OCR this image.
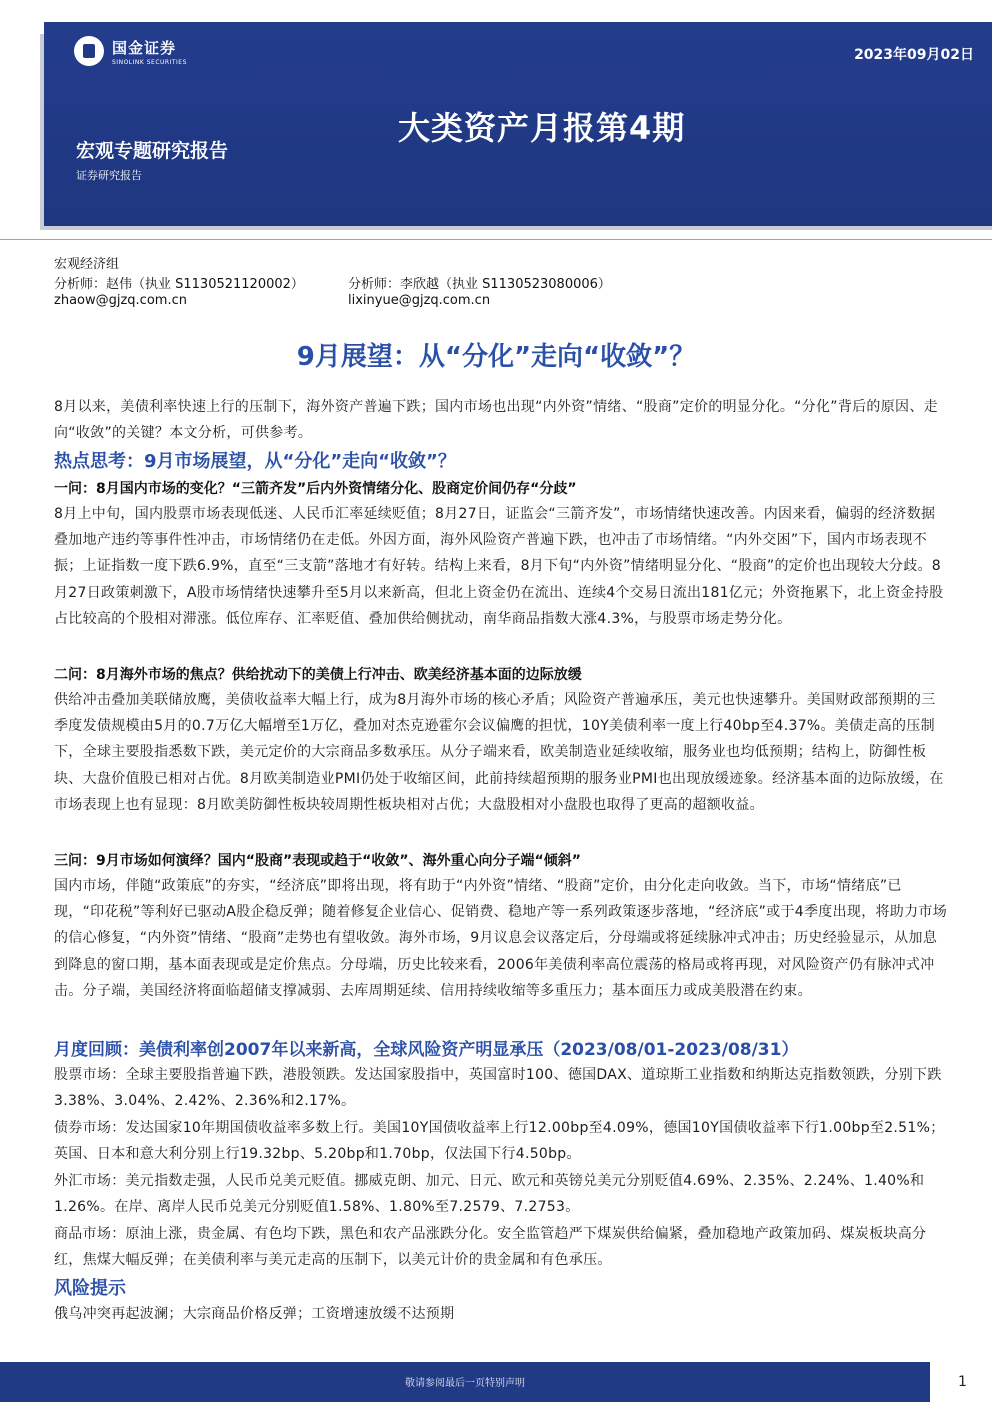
国金证券
SINOLINK SECURITIES	2023年09月02日
大类资产月报第4期
宏观专题研究报告
证券研究报告
宏观经济组
分析师：赵伟（执业 S1130521120002）
zhaow@gjzq.com.cn
分析师：李欣越（执业 S1130523080006）
lixinyue@gjzq.com.cn
9月展望：从“分化”走向“收敛”？
8月以来，美债利率快速上行的压制下，海外资产普遍下跌；国内市场也出现“内外资”情绪、“股商”定价的明显分化。“分化”背后的原因、走向“收敛”的关键？本文分析，可供参考。
热点思考：9月市场展望，从“分化”走向“收敛”？
一问：8月国内市场的变化？“三箭齐发”后内外资情绪分化、股商定价间仍存“分歧”
8月上中旬，国内股票市场表现低迷、人民币汇率延续贬值；8月27日，证监会“三箭齐发”，市场情绪快速改善。内因来看，偏弱的经济数据叠加地产违约等事件性冲击，市场情绪仍在走低。外因方面，海外风险资产普遍下跌，也冲击了市场情绪。“内外交困”下，国内市场表现不振；上证指数一度下跌6.9%，直至“三支箭”落地才有好转。结构上来看，8月下旬“内外资”情绪明显分化、“股商”的定价也出现较大分歧。8月27日政策刺激下，A股市场情绪快速攀升至5月以来新高，但北上资金仍在流出、连续4个交易日流出181亿元；外资拖累下，北上资金持股占比较高的个股相对滞涨。低位库存、汇率贬值、叠加供给侧扰动，南华商品指数大涨4.3%，与股票市场走势分化。
二问：8月海外市场的焦点？供给扰动下的美债上行冲击、欧美经济基本面的边际放缓
供给冲击叠加美联储放鹰，美债收益率大幅上行，成为8月海外市场的核心矛盾；风险资产普遍承压，美元也快速攀升。美国财政部预期的三季度发债规模由5月的0.7万亿大幅增至1万亿，叠加对杰克逊霍尔会议偏鹰的担忧，10Y美债利率一度上行40bp至4.37%。美债走高的压制下，全球主要股指悉数下跌，美元定价的大宗商品多数承压。从分子端来看，欧美制造业延续收缩，服务业也均低预期；结构上，防御性板块、大盘价值股已相对占优。8月欧美制造业PMI仍处于收缩区间，此前持续超预期的服务业PMI也出现放缓迹象。经济基本面的边际放缓，在市场表现上也有显现：8月欧美防御性板块较周期性板块相对占优；大盘股相对小盘股也取得了更高的超额收益。
三问：9月市场如何演绎？国内“股商”表现或趋于“收敛”、海外重心向分子端“倾斜”
国内市场，伴随“政策底”的夯实，“经济底”即将出现，将有助于“内外资”情绪、“股商”定价，由分化走向收敛。当下，市场“情绪底”已现，“印花税”等利好已驱动A股企稳反弹；随着修复企业信心、促销费、稳地产等一系列政策逐步落地，“经济底”或于4季度出现，将助力市场的信心修复，“内外资”情绪、“股商”走势也有望收敛。海外市场，9月议息会议落定后，分母端或将延续脉冲式冲击；历史经验显示，从加息到降息的窗口期，基本面表现或是定价焦点。分母端，历史比较来看，2006年美债利率高位震荡的格局或将再现，对风险资产仍有脉冲式冲击。分子端，美国经济将面临超储支撑减弱、去库周期延续、信用持续收缩等多重压力；基本面压力或成美股潜在约束。
月度回顾：美债利率创2007年以来新高，全球风险资产明显承压（2023/08/01-2023/08/31）
股票市场：全球主要股指普遍下跌，港股领跌。发达国家股指中，英国富时100、德国DAX、道琼斯工业指数和纳斯达克指数领跌，分别下跌3.38%、3.04%、2.42%、2.36%和2.17%。
债券市场：发达国家10年期国债收益率多数上行。美国10Y国债收益率上行12.00bp至4.09%，德国10Y国债收益率下行1.00bp至2.51%；英国、日本和意大利分别上行19.32bp、5.20bp和1.70bp，仅法国下行4.50bp。
外汇市场：美元指数走强，人民币兑美元贬值。挪威克朗、加元、日元、欧元和英镑兑美元分别贬值4.69%、2.35%、2.24%、1.40%和1.26%。在岸、离岸人民币兑美元分别贬值1.58%、1.80%至7.2579、7.2753。
商品市场：原油上涨，贵金属、有色均下跌，黑色和农产品涨跌分化。安全监管趋严下煤炭供给偏紧，叠加稳地产政策加码、煤炭板块高分红，焦煤大幅反弹；在美债利率与美元走高的压制下，以美元计价的贵金属和有色承压。
风险提示
俄乌冲突再起波澜；大宗商品价格反弹；工资增速放缓不达预期
敬请参阅最后一页特别声明	1
